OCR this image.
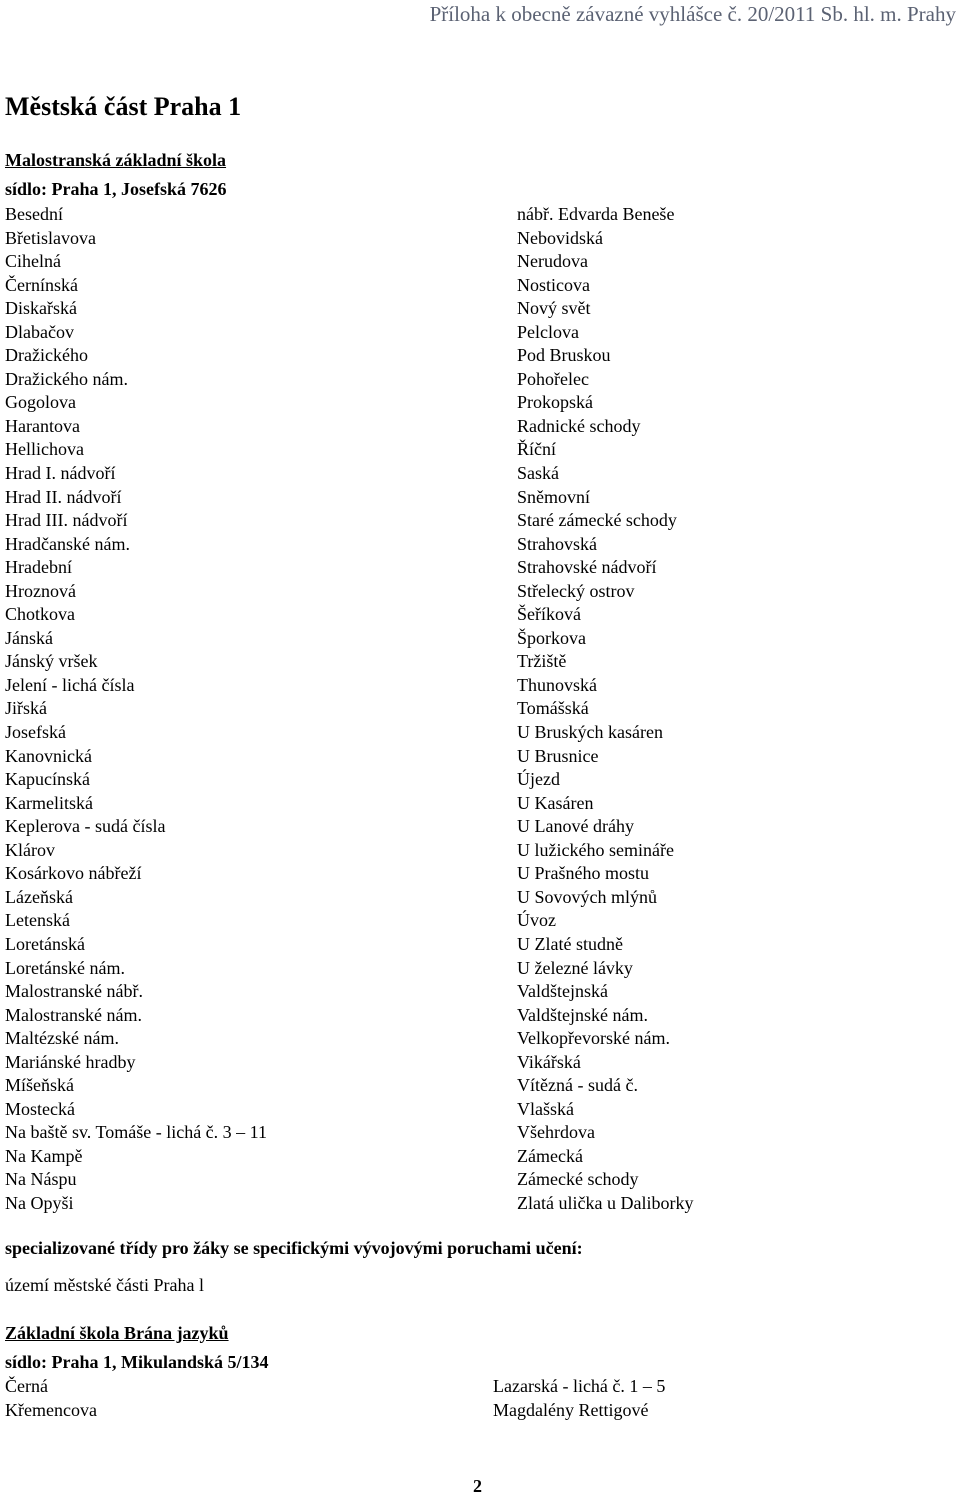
Příloha k obecně závazné vyhlášce č. 20/2011 Sb. hl. m. Prahy
Městská část Praha 1
Malostranská základní škola
sídlo: Praha 1, Josefská 7626
Besední
Břetislavova
Cihelná
Černínská
Diskařská
Dlabačov
Dražického
Dražického nám.
Gogolova
Harantova
Hellichova
Hrad I. nádvoří
Hrad II. nádvoří
Hrad III. nádvoří
Hradčanské nám.
Hradební
Hroznová
Chotkova
Jánská
Jánský vršek
Jelení - lichá čísla
Jiřská
Josefská
Kanovnická
Kapucínská
Karmelitská
Keplerova - sudá čísla
Klárov
Kosárkovo nábřeží
Lázeňská
Letenská
Loretánská
Loretánské nám.
Malostranské nábř.
Malostranské nám.
Maltézské nám.
Mariánské hradby
Míšeňská
Mostecká
Na baště sv. Tomáše - lichá č. 3 – 11
Na Kampě
Na Náspu
Na Opyši
nábř. Edvarda Beneše
Nebovidská
Nerudova
Nosticova
Nový svět
Pelclova
Pod Bruskou
Pohořelec
Prokopská
Radnické schody
Říční
Saská
Sněmovní
Staré zámecké schody
Strahovská
Strahovské nádvoří
Střelecký ostrov
Šeříková
Šporkova
Tržiště
Thunovská
Tomášská
U Bruských kasáren
U Brusnice
Újezd
U Kasáren
U Lanové dráhy
U lužického semináře
U Prašného mostu
U Sovových mlýnů
Úvoz
U Zlaté studně
U železné lávky
Valdštejnská
Valdštejnské nám.
Velkopřevorské nám.
Vikářská
Vítězná - sudá č.
Vlašská
Všehrdova
Zámecká
Zámecké schody
Zlatá ulička u Daliborky
specializované třídy pro žáky se specifickými vývojovými poruchami učení:
území městské části Praha l
Základní škola Brána jazyků
sídlo: Praha 1, Mikulandská 5/134
Černá
Křemencova
Lazarská - lichá č. 1 – 5
Magdalény Rettigové
2
